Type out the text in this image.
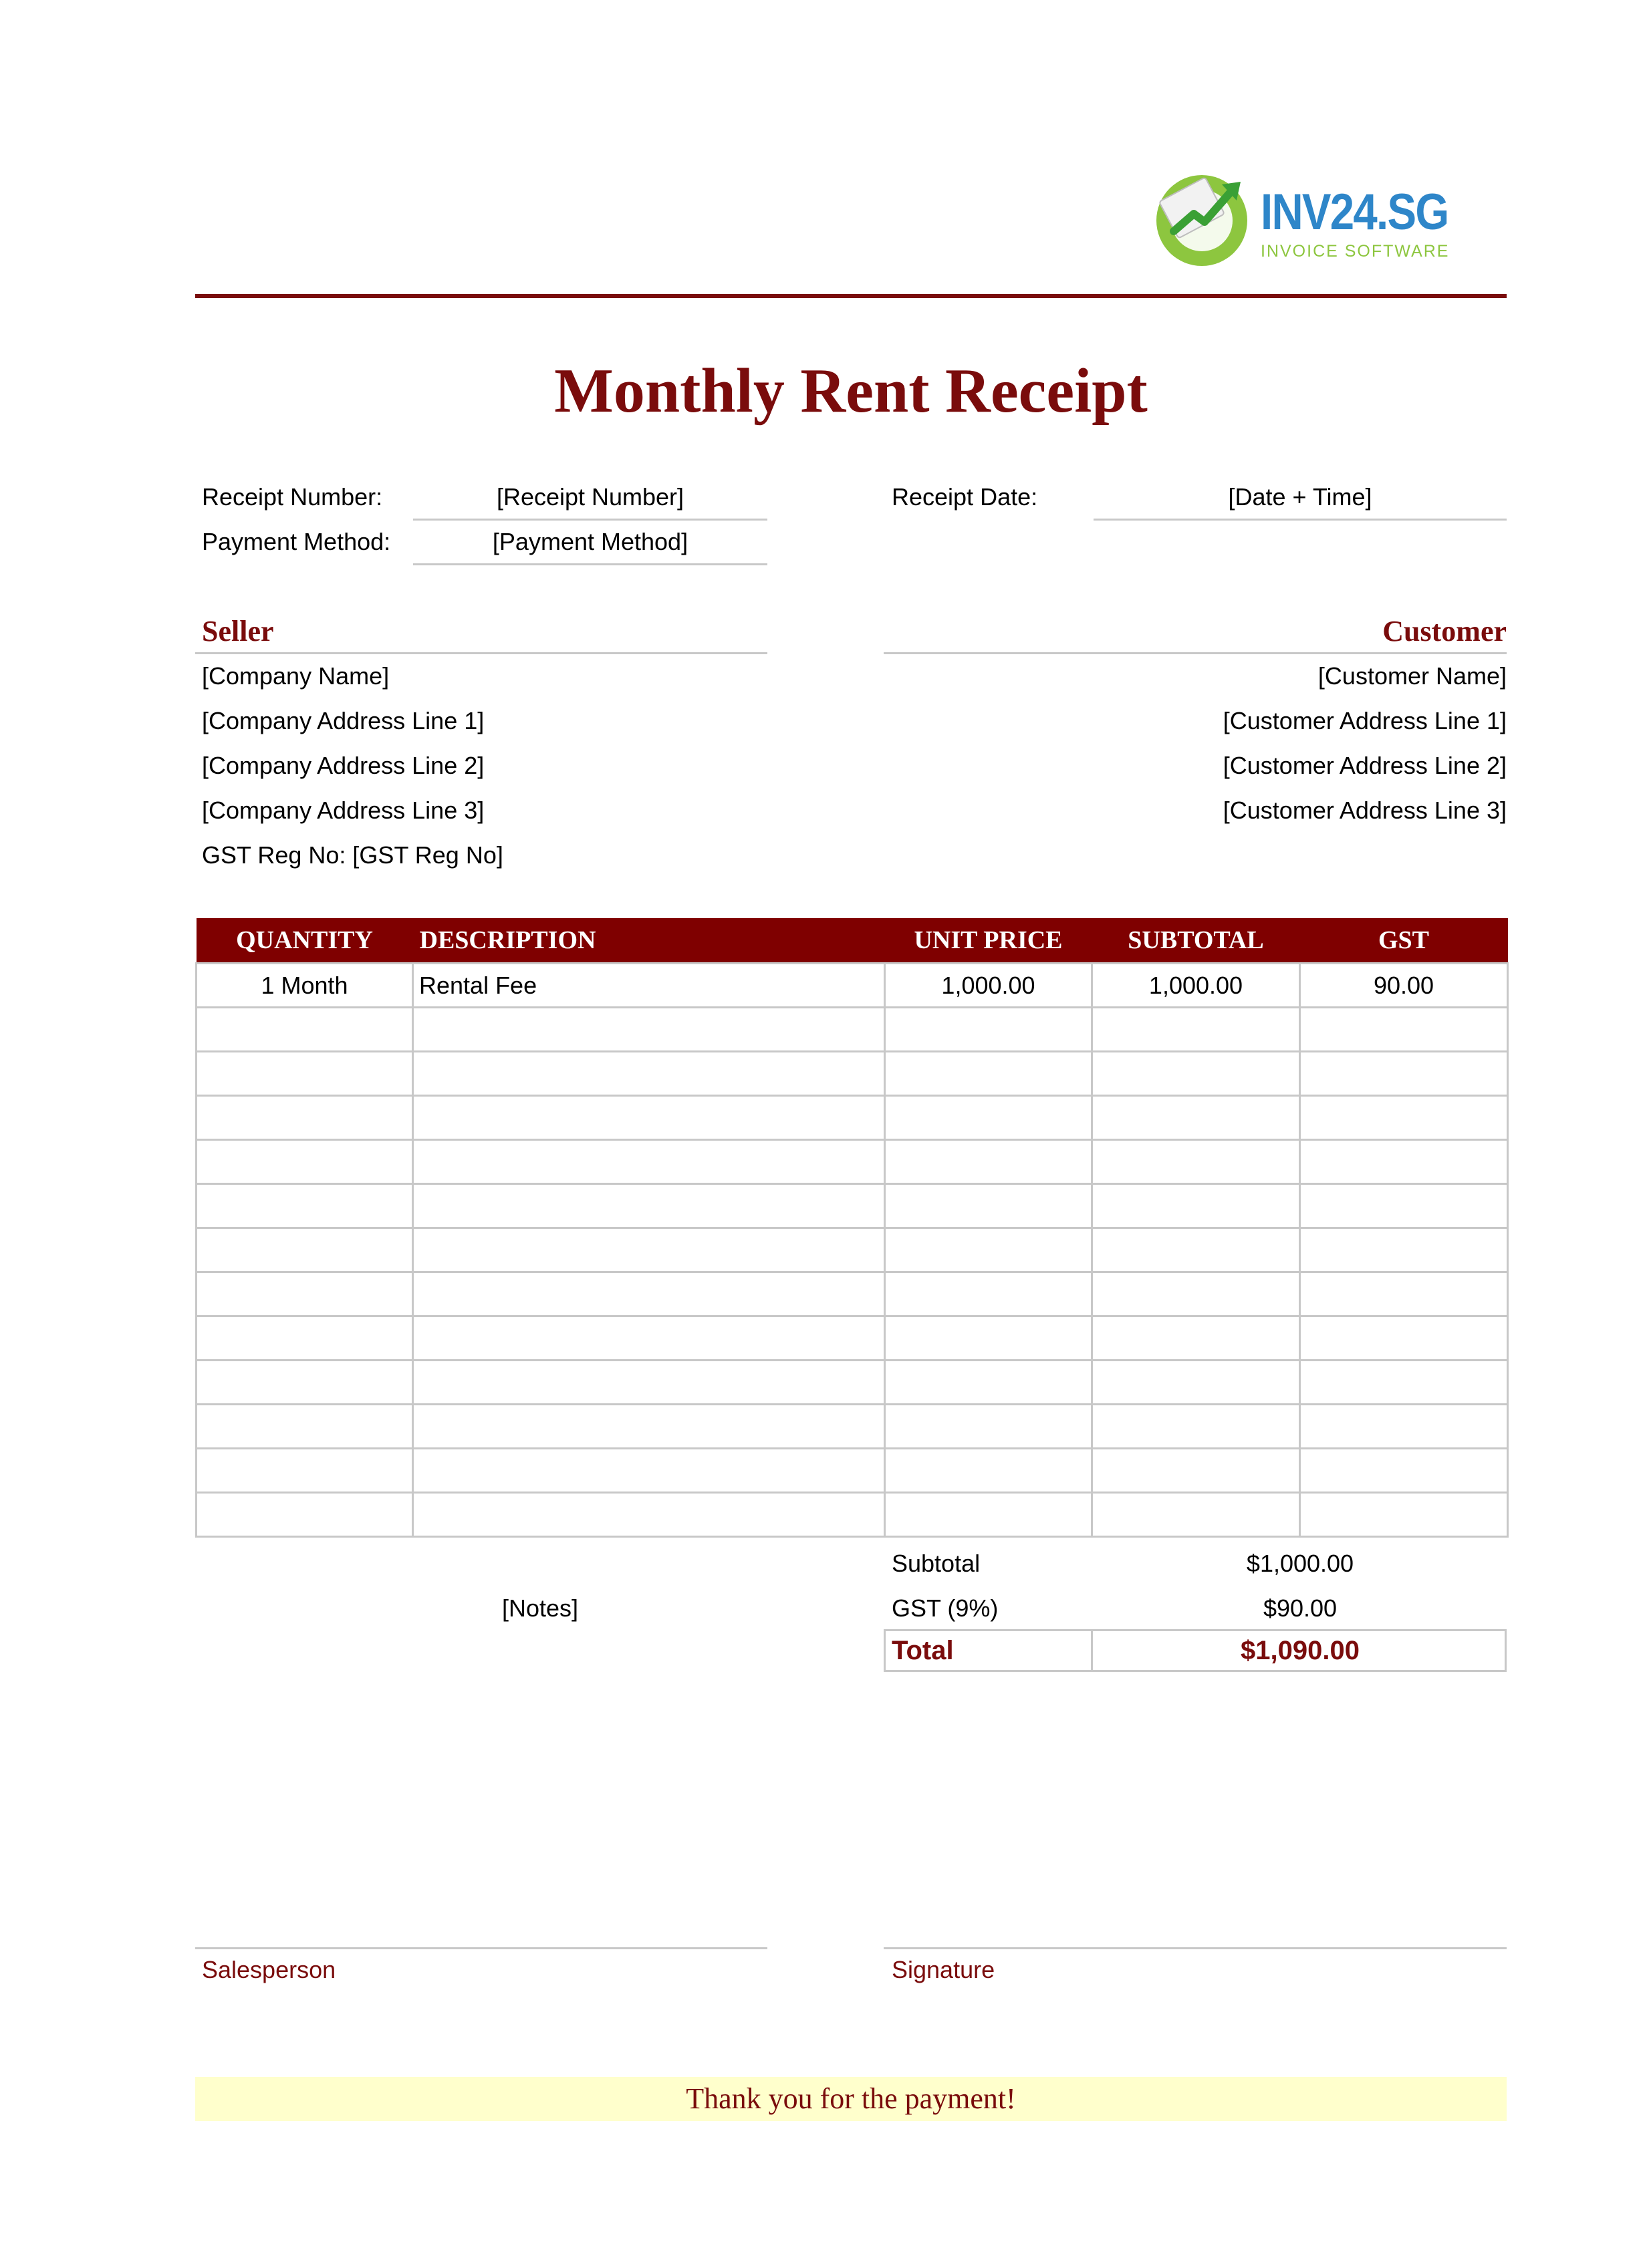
INV24.SG
INVOICE SOFTWARE
Monthly Rent Receipt
Receipt Number:	[Receipt Number]
Payment Method:	[Payment Method]
Receipt Date:	[Date + Time]
Seller
[Company Name]
[Company Address Line 1]
[Company Address Line 2]
[Company Address Line 3]
GST Reg No: [GST Reg No]
Customer
[Customer Name]
[Customer Address Line 1]
[Customer Address Line 2]
[Customer Address Line 3]
QUANTITY	DESCRIPTION	UNIT PRICE	SUBTOTAL	GST
1 Month	Rental Fee	1,000.00	1,000.00	90.00

Subtotal	$1,000.00
[Notes]	GST (9%)	$90.00
Total	$1,090.00
Salesperson	Signature
Thank you for the payment!
